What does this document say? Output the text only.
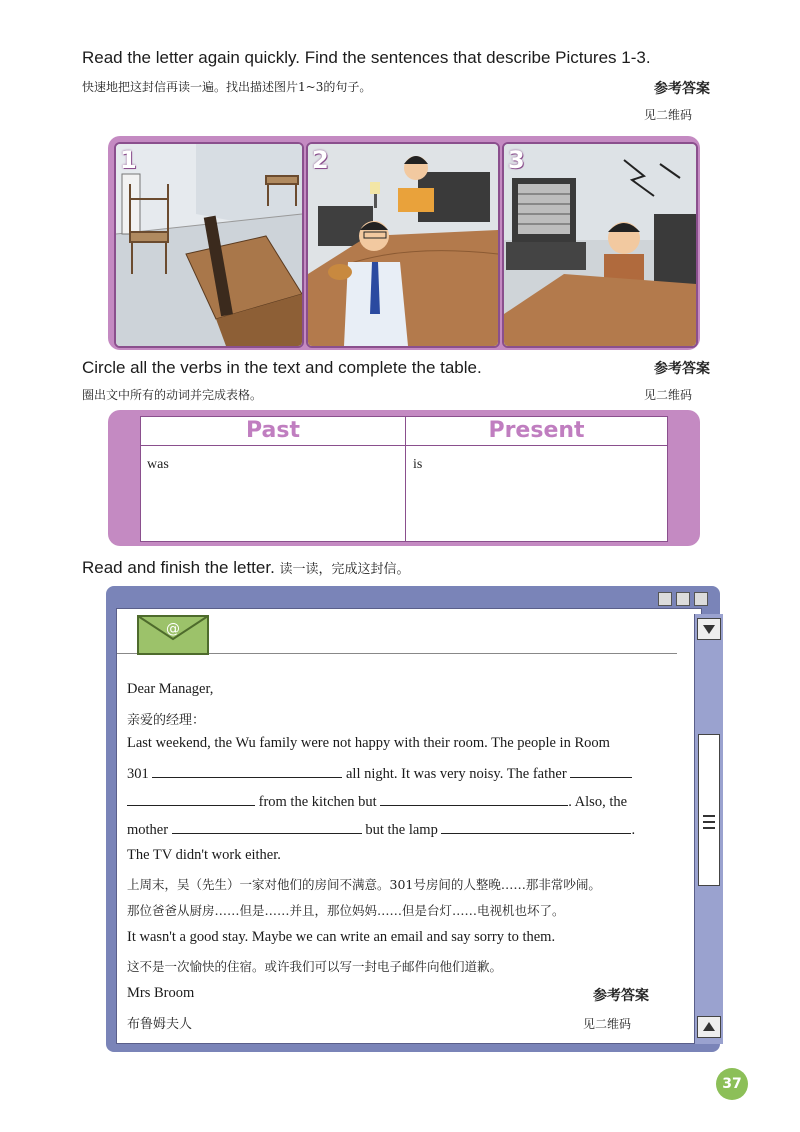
Read the letter again quickly. Find the sentences that describe Pictures 1-3.
快速地把这封信再读一遍。找出描述图片1~3的句子。	参考答案
见二维码
1	2	3
Circle all the verbs in the text and complete the table.
圈出文中所有的动词并完成表格。
参考答案
见二维码
Past	Present
was	is
Read and finish the letter. 读一读，完成这封信。
@
Dear Manager,
亲爱的经理：
Last weekend, the Wu family were not happy with their room. The people in Room
301	all night. It was very noisy. The father
from the kitchen but	. Also, the
mother	but the lamp	.
The TV didn't work either.
上周末，吴（先生）一家对他们的房间不满意。301号房间的人整晚……那非常吵闹。
那位爸爸从厨房……但是……并且，那位妈妈……但是台灯……电视机也坏了。
It wasn't a good stay. Maybe we can write an email and say sorry to them.
这不是一次愉快的住宿。或许我们可以写一封电子邮件向他们道歉。
Mrs Broom
布鲁姆夫人
参考答案
见二维码
37
